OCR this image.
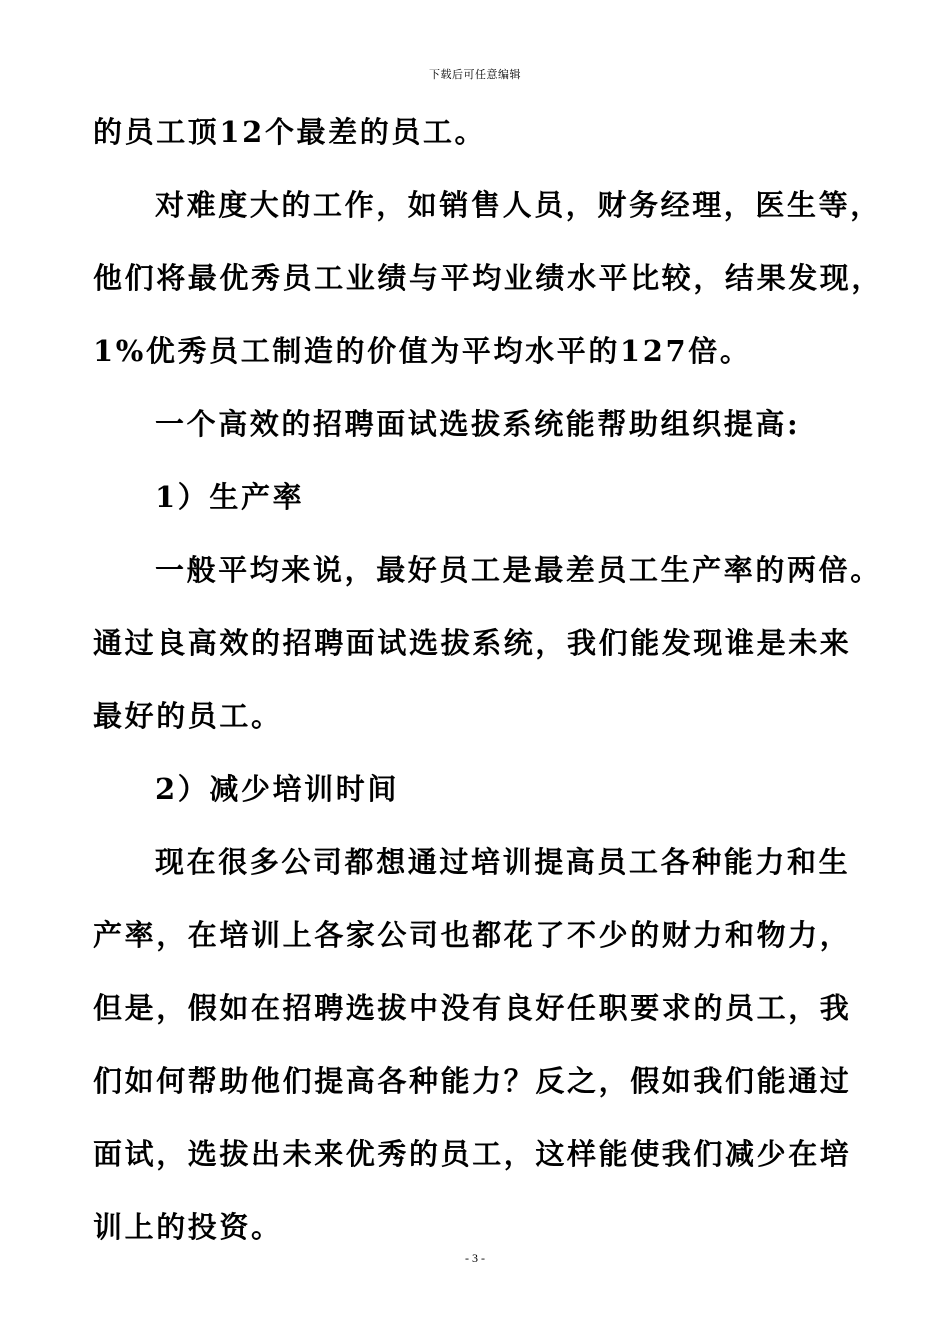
下载后可任意编辑
的员工顶12个最差的员工。
对难度大的工作，如销售人员，财务经理，医生等，
他们将最优秀员工业绩与平均业绩水平比较，结果发现，
1%优秀员工制造的价值为平均水平的127倍。
一个高效的招聘面试选拔系统能帮助组织提高:
1）生产率
一般平均来说，最好员工是最差员工生产率的两倍。
通过良高效的招聘面试选拔系统，我们能发现谁是未来
最好的员工。
2）减少培训时间
现在很多公司都想通过培训提高员工各种能力和生
产率，在培训上各家公司也都花了不少的财力和物力，
但是，假如在招聘选拔中没有良好任职要求的员工，我
们如何帮助他们提高各种能力？反之，假如我们能通过
面试，选拔出未来优秀的员工，这样能使我们减少在培
训上的投资。
- 3 -
